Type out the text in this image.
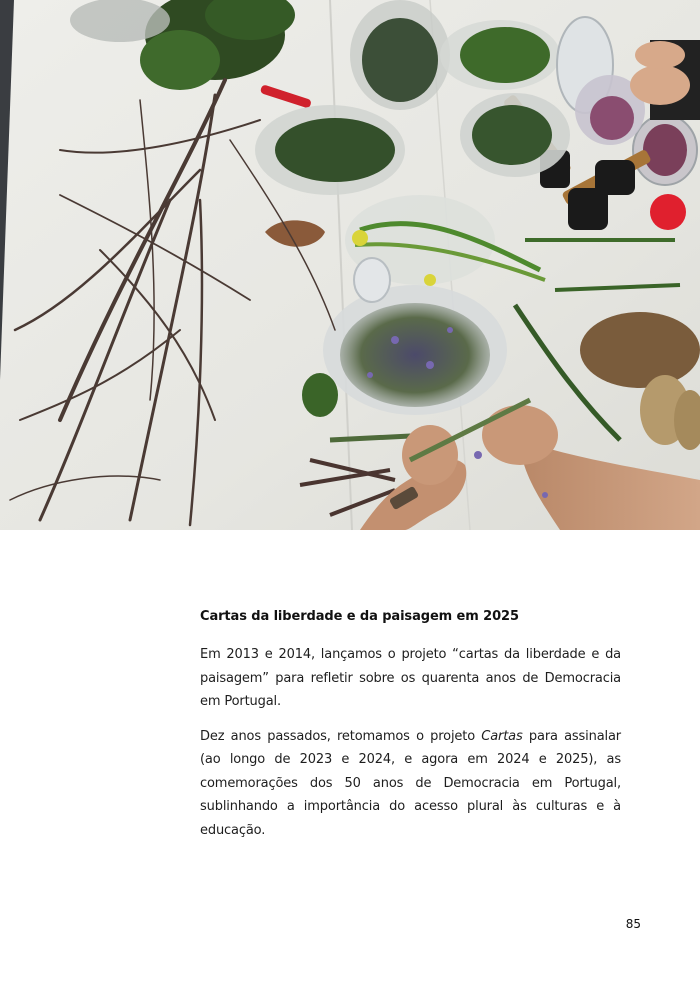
Cartas da liberdade e da paisagem em 2025

Em 2013 e 2014, lançamos o projeto “cartas da liberdade e da paisagem” para refletir sobre os quarenta anos de Democracia em Portugal.

Dez anos passados, retomamos o projeto Cartas para assinalar (ao longo de 2023 e 2024, e agora em 2024 e 2025), as comemorações dos 50 anos de Democracia em Portugal, sublinhando a importância do acesso plural às culturas e à educação.

85
